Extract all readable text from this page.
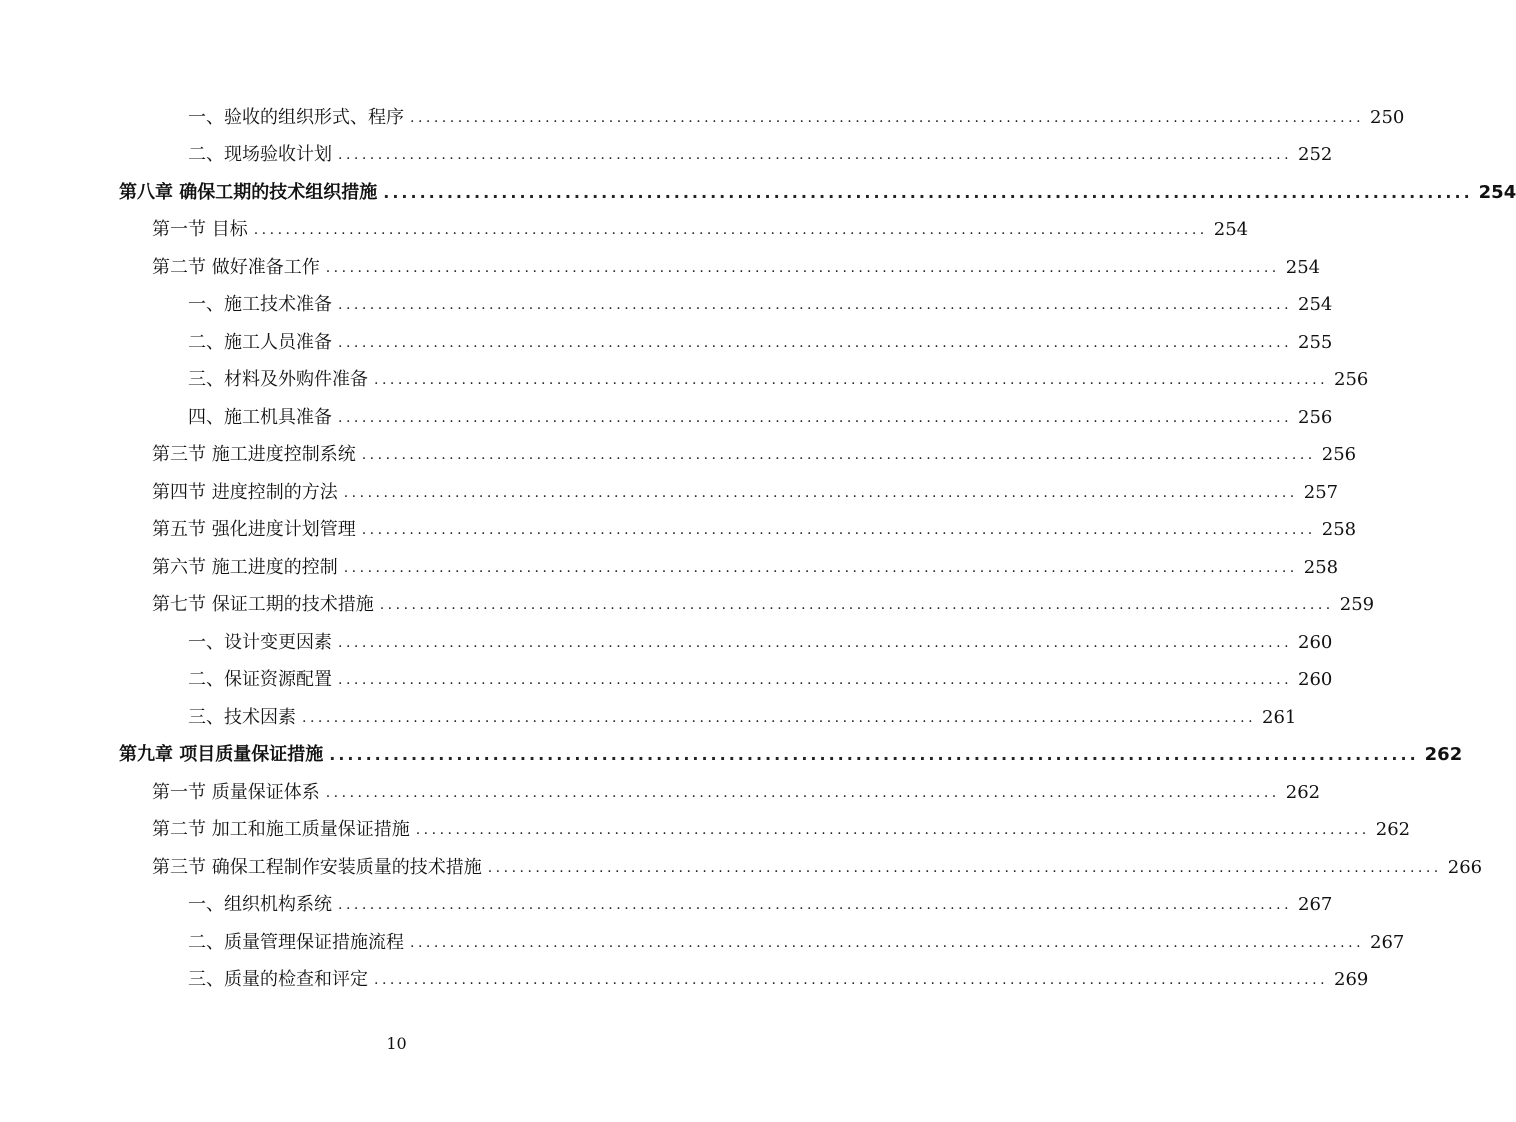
一、验收的组织形式、程序 ........................................................................................................................ 250
二、现场验收计划 ........................................................................................................................ 252
第八章 确保工期的技术组织措施 ........................................................................................................................ 254
第一节 目标 ........................................................................................................................ 254
第二节 做好准备工作 ........................................................................................................................ 254
一、施工技术准备 ........................................................................................................................ 254
二、施工人员准备 ........................................................................................................................ 255
三、材料及外购件准备 ........................................................................................................................ 256
四、施工机具准备 ........................................................................................................................ 256
第三节 施工进度控制系统 ........................................................................................................................ 256
第四节 进度控制的方法 ........................................................................................................................ 257
第五节 强化进度计划管理 ........................................................................................................................ 258
第六节 施工进度的控制 ........................................................................................................................ 258
第七节 保证工期的技术措施 ........................................................................................................................ 259
一、设计变更因素 ........................................................................................................................ 260
二、保证资源配置 ........................................................................................................................ 260
三、技术因素 ........................................................................................................................ 261
第九章 项目质量保证措施 ........................................................................................................................ 262
第一节 质量保证体系 ........................................................................................................................ 262
第二节 加工和施工质量保证措施 ........................................................................................................................ 262
第三节 确保工程制作安装质量的技术措施 ........................................................................................................................ 266
一、组织机构系统 ........................................................................................................................ 267
二、质量管理保证措施流程 ........................................................................................................................ 267
三、质量的检查和评定 ........................................................................................................................ 269
10
